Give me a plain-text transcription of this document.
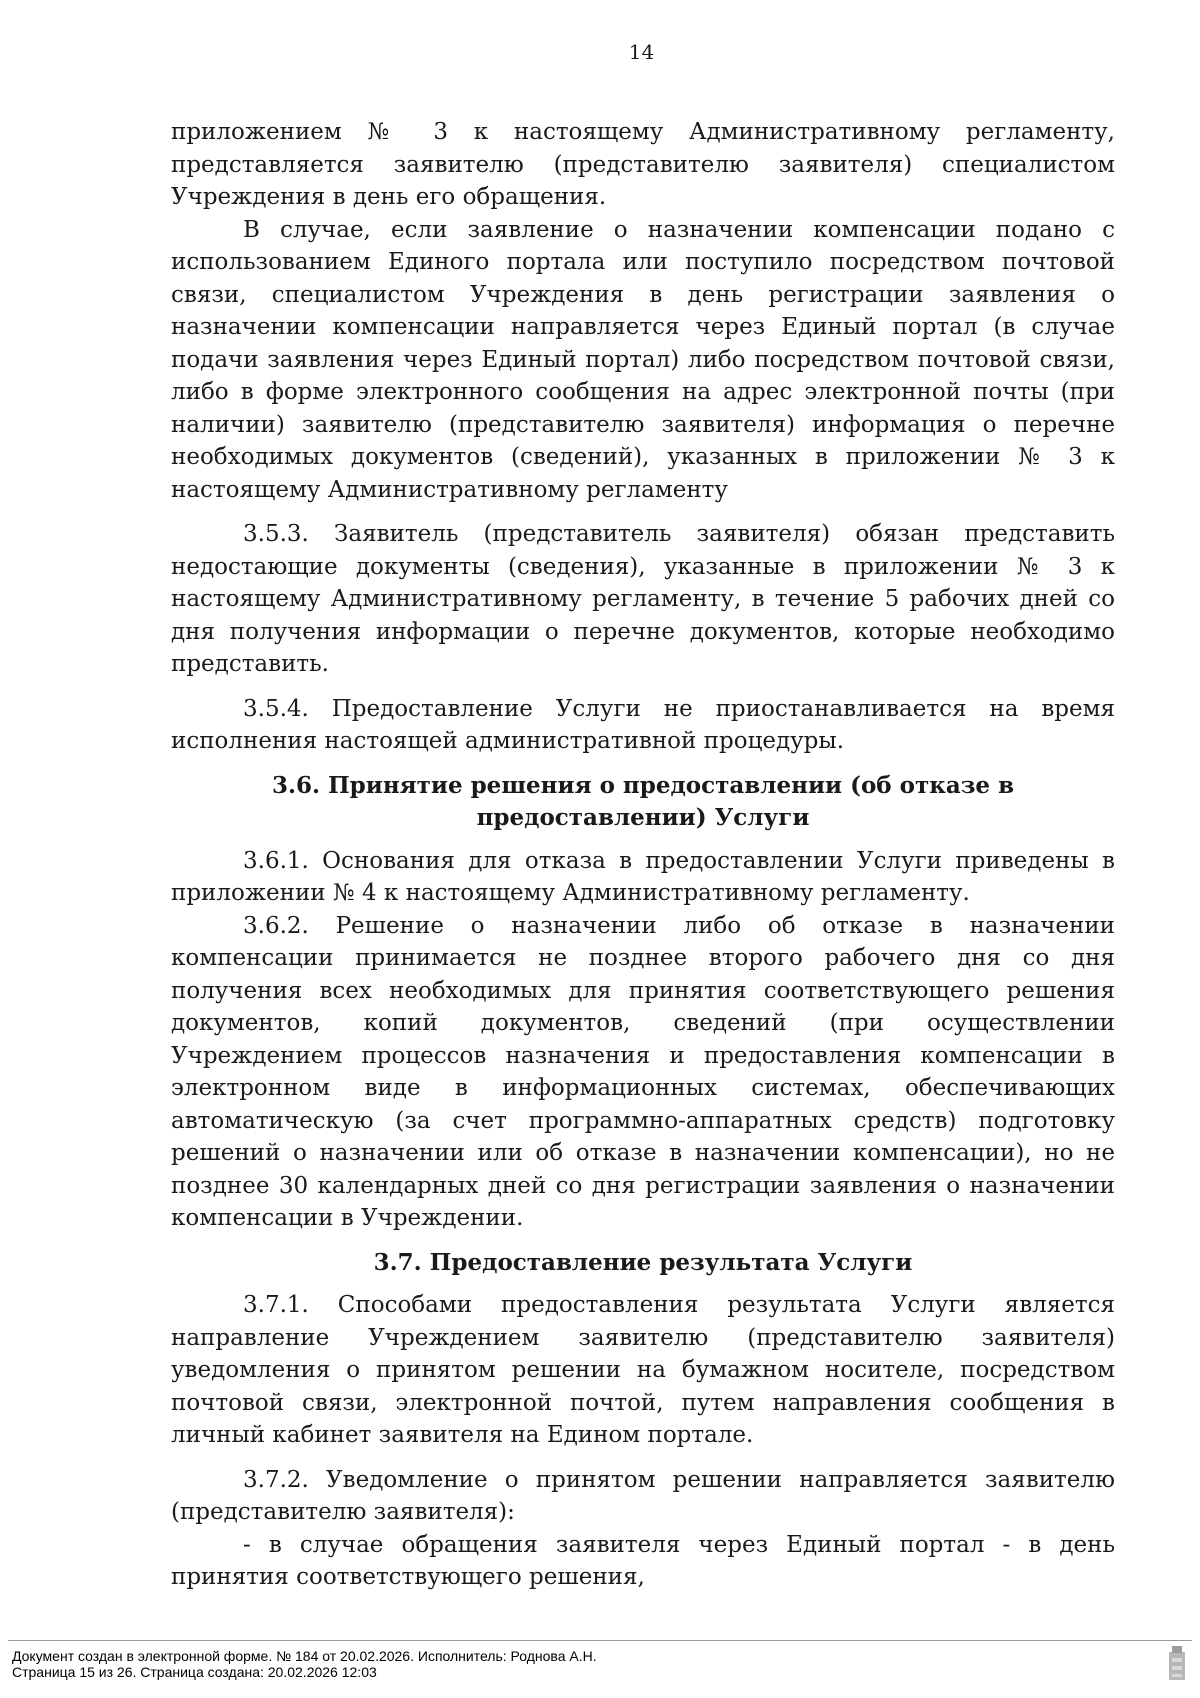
14

приложением № 3 к настоящему Административному регламенту, представляется заявителю (представителю заявителя) специалистом Учреждения в день его обращения.

В случае, если заявление о назначении компенсации подано с использованием Единого портала или поступило посредством почтовой связи, специалистом Учреждения в день регистрации заявления о назначении компенсации направляется через Единый портал (в случае подачи заявления через Единый портал) либо посредством почтовой связи, либо в форме электронного сообщения на адрес электронной почты (при наличии) заявителю (представителю заявителя) информация о перечне необходимых документов (сведений), указанных в приложении № 3 к настоящему Административному регламенту

3.5.3. Заявитель (представитель заявителя) обязан представить недостающие документы (сведения), указанные в приложении № 3 к настоящему Административному регламенту, в течение 5 рабочих дней со дня получения информации о перечне документов, которые необходимо представить.

3.5.4. Предоставление Услуги не приостанавливается на время исполнения настоящей административной процедуры.

3.6. Принятие решения о предоставлении (об отказе в предоставлении) Услуги

3.6.1. Основания для отказа в предоставлении Услуги приведены в приложении № 4 к настоящему Административному регламенту.

3.6.2. Решение о назначении либо об отказе в назначении компенсации принимается не позднее второго рабочего дня со дня получения всех необходимых для принятия соответствующего решения документов, копий документов, сведений (при осуществлении Учреждением процессов назначения и предоставления компенсации в электронном виде в информационных системах, обеспечивающих автоматическую (за счет программно-аппаратных средств) подготовку решений о назначении или об отказе в назначении компенсации), но не позднее 30 календарных дней со дня регистрации заявления о назначении компенсации в Учреждении.

3.7. Предоставление результата Услуги

3.7.1. Способами предоставления результата Услуги является направление Учреждением заявителю (представителю заявителя) уведомления о принятом решении на бумажном носителе, посредством почтовой связи, электронной почтой, путем направления сообщения в личный кабинет заявителя на Едином портале.

3.7.2. Уведомление о принятом решении направляется заявителю (представителю заявителя):

- в случае обращения заявителя через Единый портал - в день принятия соответствующего решения,

Документ создан в электронной форме. № 184 от 20.02.2026. Исполнитель: Роднова А.Н.
Страница 15 из 26. Страница создана: 20.02.2026 12:03
